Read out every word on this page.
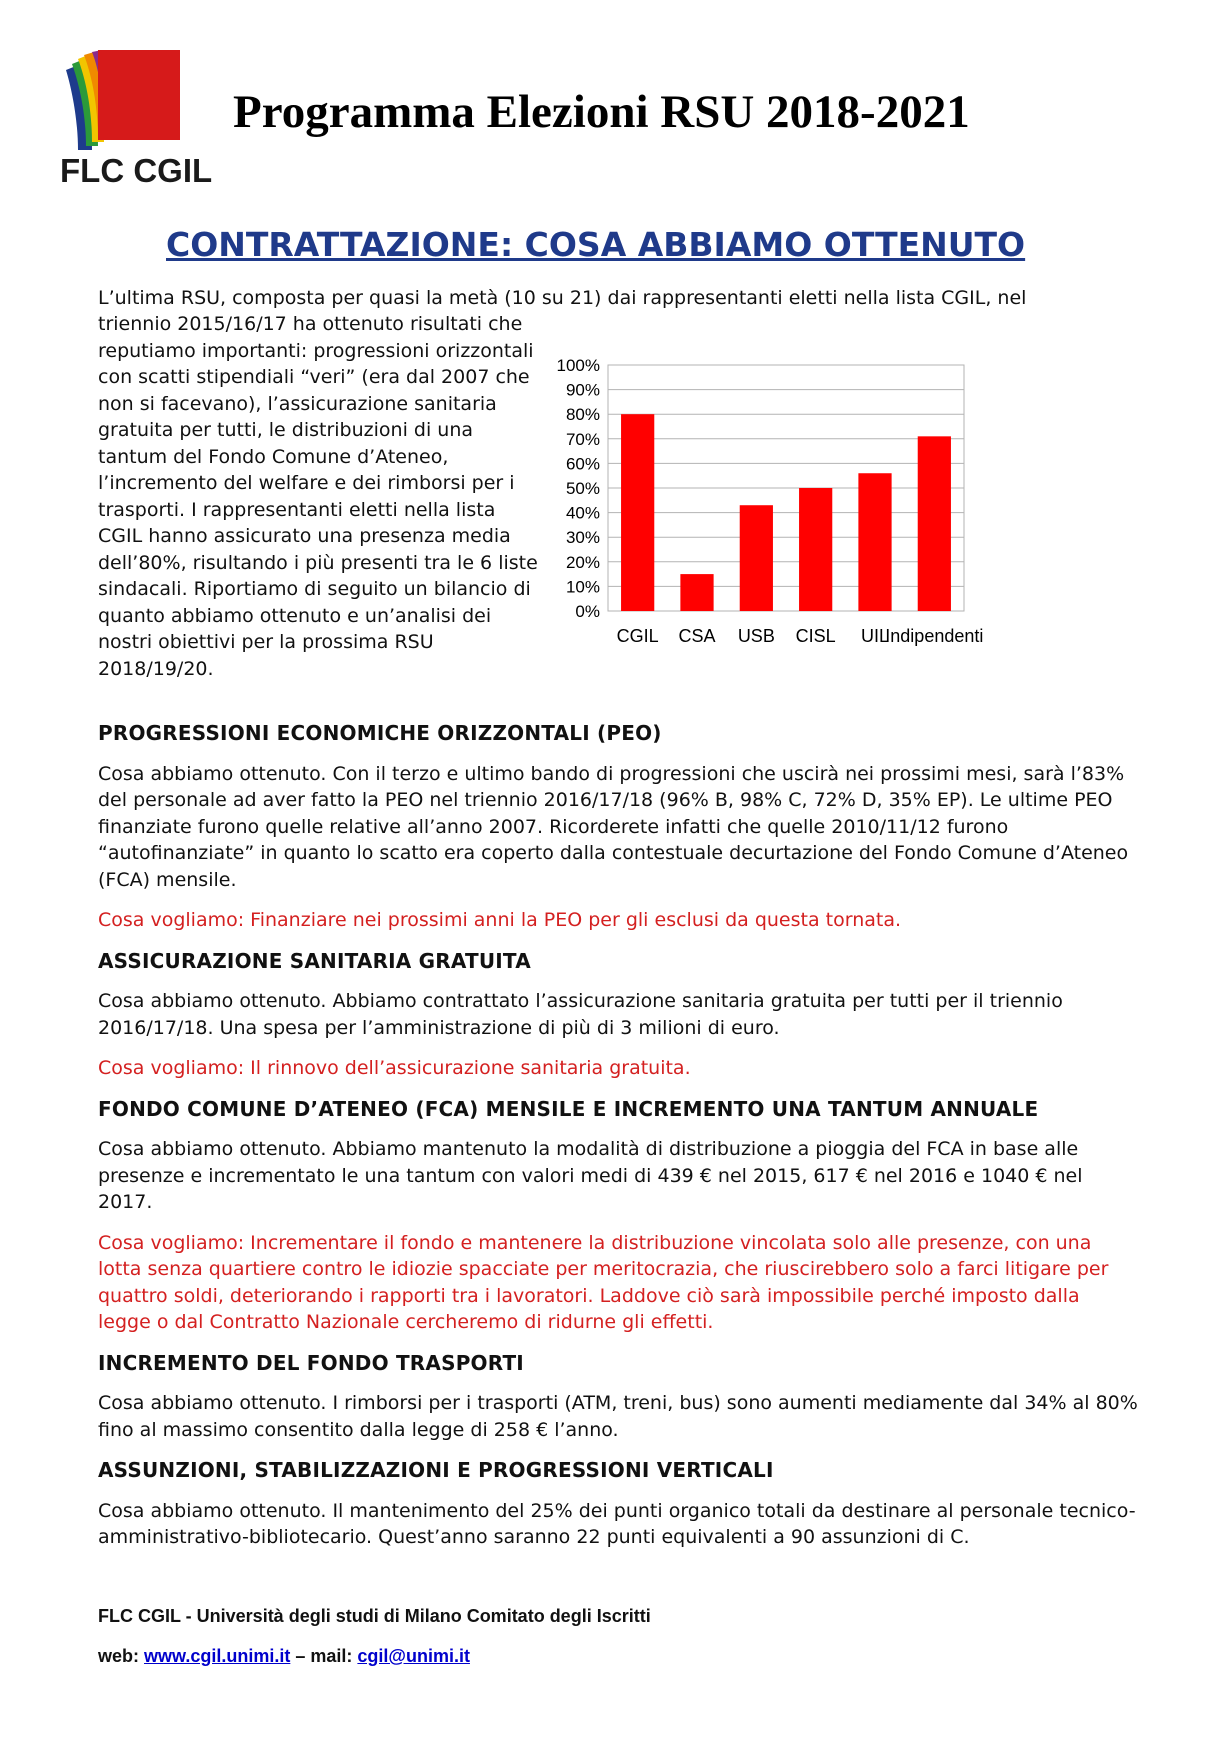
FLC CGIL
Programma Elezioni RSU 2018-2021
CONTRATTAZIONE: COSA ABBIAMO OTTENUTO
L’ultima RSU, composta per quasi la metà (10 su 21) dai rappresentanti eletti nella lista CGIL, nel
triennio 2015/16/17 ha ottenuto risultati che reputiamo importanti: progressioni orizzontali con scatti stipendiali “veri” (era dal 2007 che non si facevano), l’assicurazione sanitaria gratuita per tutti, le distribuzioni di una tantum del Fondo Comune d’Ateneo, l’incremento del welfare e dei rimborsi per i trasporti. I rappresentanti eletti nella lista CGIL hanno assicurato una presenza media dell’80%, risultando i più presenti tra le 6 liste sindacali. Riportiamo di seguito un bilancio di quanto abbiamo ottenuto e un’analisi dei nostri obiettivi per la prossima RSU 2018/19/20.
0%
10%
20%
30%
40%
50%
60%
70%
80%
90%
100%
CGIL CSA USB CISL UIL
Indipendenti
PROGRESSIONI ECONOMICHE ORIZZONTALI (PEO)

Cosa abbiamo ottenuto. Con il terzo e ultimo bando di progressioni che uscirà nei prossimi mesi, sarà l’83% del personale ad aver fatto la PEO nel triennio 2016/17/18 (96% B, 98% C, 72% D, 35% EP). Le ultime PEO finanziate furono quelle relative all’anno 2007. Ricorderete infatti che quelle 2010/11/12 furono “autofinanziate” in quanto lo scatto era coperto dalla contestuale decurtazione del Fondo Comune d’Ateneo (FCA) mensile.

Cosa vogliamo: Finanziare nei prossimi anni la PEO per gli esclusi da questa tornata.

ASSICURAZIONE SANITARIA GRATUITA

Cosa abbiamo ottenuto. Abbiamo contrattato l’assicurazione sanitaria gratuita per tutti per il triennio 2016/17/18. Una spesa per l’amministrazione di più di 3 milioni di euro.

Cosa vogliamo: Il rinnovo dell’assicurazione sanitaria gratuita.

FONDO COMUNE D’ATENEO (FCA) MENSILE E INCREMENTO UNA TANTUM ANNUALE

Cosa abbiamo ottenuto. Abbiamo mantenuto la modalità di distribuzione a pioggia del FCA in base alle presenze e incrementato le una tantum con valori medi di 439 € nel 2015, 617 € nel 2016 e 1040 € nel 2017.

Cosa vogliamo: Incrementare il fondo e mantenere la distribuzione vincolata solo alle presenze, con una lotta senza quartiere contro le idiozie spacciate per meritocrazia, che riuscirebbero solo a farci litigare per quattro soldi, deteriorando i rapporti tra i lavoratori. Laddove ciò sarà impossibile perché imposto dalla legge o dal Contratto Nazionale cercheremo di ridurne gli effetti.

INCREMENTO DEL FONDO TRASPORTI

Cosa abbiamo ottenuto. I rimborsi per i trasporti (ATM, treni, bus) sono aumenti mediamente dal 34% al 80% fino al massimo consentito dalla legge di 258 € l’anno.

ASSUNZIONI, STABILIZZAZIONI E PROGRESSIONI VERTICALI

Cosa abbiamo ottenuto. Il mantenimento del 25% dei punti organico totali da destinare al personale tecnico-amministrativo-bibliotecario. Quest’anno saranno 22 punti equivalenti a 90 assunzioni di C.

FLC CGIL - Università degli studi di Milano Comitato degli Iscritti
web: www.cgil.unimi.it – mail: cgil@unimi.it
